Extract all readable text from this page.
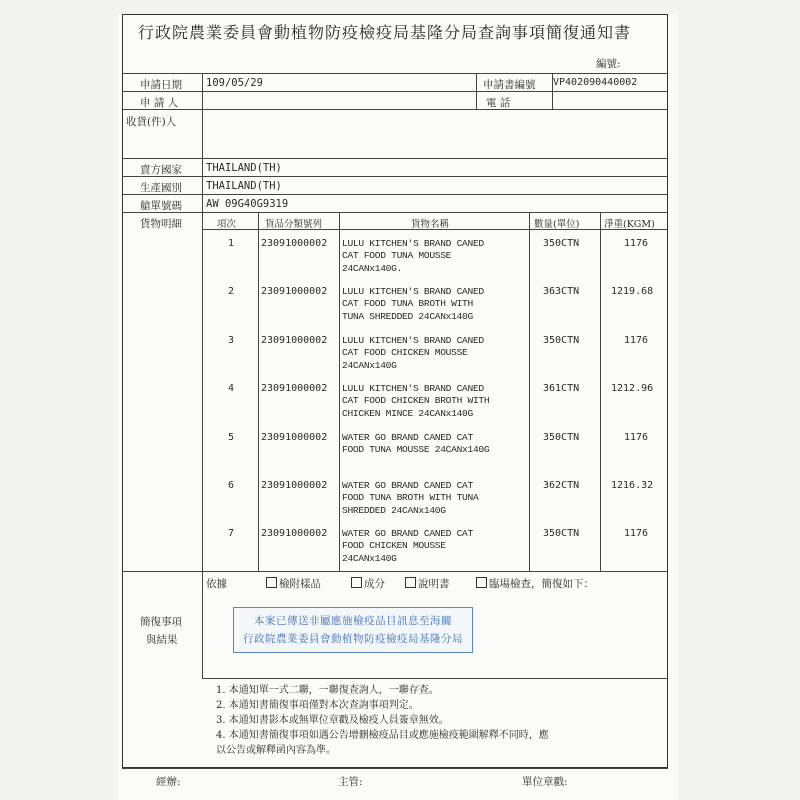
行政院農業委員會動植物防疫檢疫局基隆分局查詢事項簡復通知書
編號:
申請日期 109/05/29	申請書編號 VP402090440002
申 請 人	電 話
收貨(件)人
賣方國家 THAILAND(TH)
生產國別 THAILAND(TH)
艙單號碼 AW 09G40G9319
貨物明細	項次	貨品分類號列	貨物名稱	數量(單位)	淨重(KGM)
1	23091000002 LULU KITCHEN'S BRAND CANED
CAT FOOD TUNA MOUSSE
24CANx140G.
350CTN	1176
2	23091000002 LULU KITCHEN'S BRAND CANED
CAT FOOD TUNA BROTH WITH
TUNA SHREDDED 24CANx140G
363CTN	1219.68
3	23091000002 LULU KITCHEN'S BRAND CANED
CAT FOOD CHICKEN MOUSSE
24CANx140G
350CTN	1176
4	23091000002 LULU KITCHEN'S BRAND CANED
CAT FOOD CHICKEN BROTH WITH
CHICKEN MINCE 24CANx140G
361CTN	1212.96
5	23091000002 WATER GO BRAND CANED CAT
FOOD TUNA MOUSSE 24CANx140G
350CTN	1176
6	23091000002 WATER GO BRAND CANED CAT
FOOD TUNA BROTH WITH TUNA
SHREDDED 24CANx140G
362CTN	1216.32
7	23091000002 WATER GO BRAND CANED CAT
FOOD CHICKEN MOUSSE
24CANx140G
350CTN	1176
簡復事項
與結果
依據	檢附樣品	成分	說明書	臨場檢查，簡復如下：
本案已傳送非屬應施檢疫品目訊息至海關
行政院農業委員會動植物防疫檢疫局基隆分局
1. 本通知單一式二聯，一聯復查詢人，一聯存查。
2. 本通知書簡復事項僅對本次查詢事項判定。
3. 本通知書影本或無單位章戳及檢疫人員簽章無效。
4. 本通知書簡復事項如遇公告增刪檢疫品目或應施檢疫範圍解釋不同時，應
以公告或解釋函內容為準。
經辦:	主管:	單位章戳:
